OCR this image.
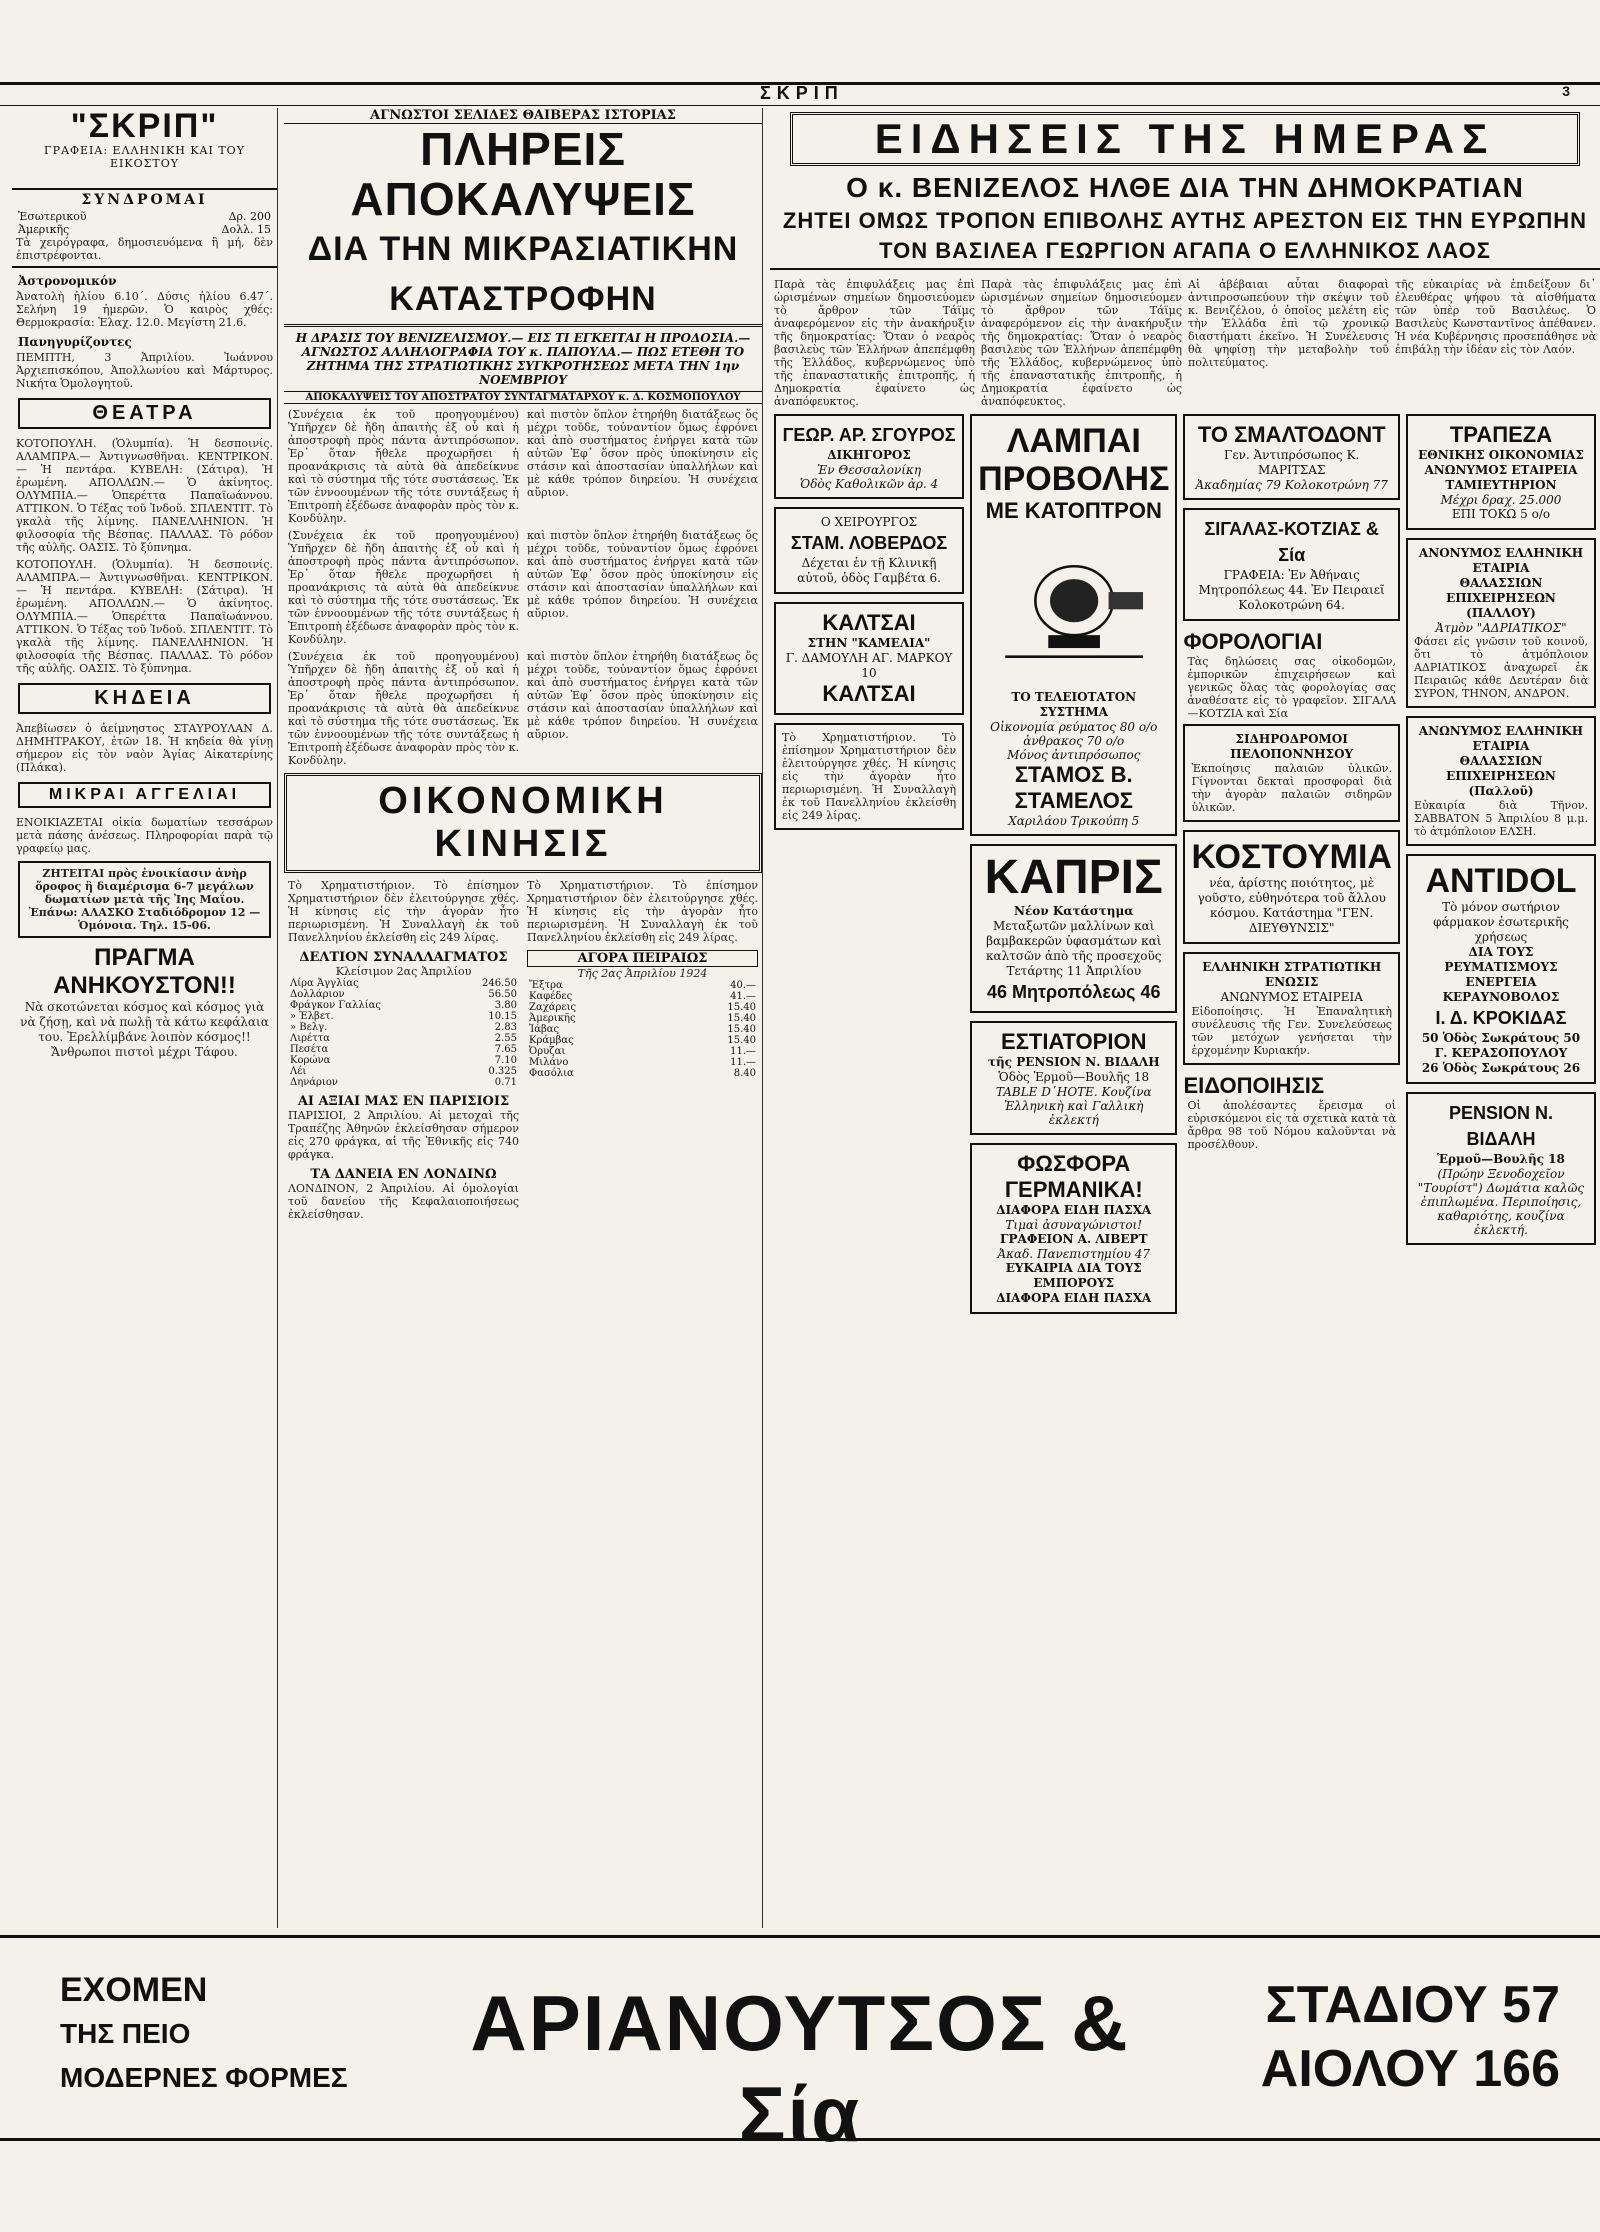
ΣΚΡΙΠ	3
"ΣΚΡΙΠ"
ΓΡΑΦΕΙΑ: ΕΛΛΗΝΙΚΗ ΚΑΙ ΤΟΥ ΕΙΚΟΣΤΟΥ
ΣΥΝΔΡΟΜΑΙ
Ἐσωτερικοῦ	Δρ. 200
Ἀμερικῆς	Δολλ. 15
Τὰ χειρόγραφα, δημοσιευόμενα ἢ μή, δὲν ἐπιστρέφονται.
Ἀστρονομικόν
Ἀνατολὴ ἡλίου 6.10΄. Δύσις ἡλίου 6.47΄. Σελήνη 19 ἡμερῶν. Ὁ καιρὸς χθές: Θερμοκρασία: Ἐλαχ. 12.0. Μεγίστη 21.6.
Πανηγυρίζοντες
ΠΕΜΠΤΗ, 3 Ἀπριλίου. Ἰωάννου Ἀρχιεπισκόπου, Ἀπολλωνίου καὶ Μάρτυρος. Νικήτα Ὁμολογητοῦ.
ΘΕΑΤΡΑ
ΚΟΤΟΠΟΥΛΗ. (Ὁλυμπία). Ἡ δεσποινίς. ΑΛΑΜΠΡΑ.— Ἀντιγνωσθῆναι. ΚΕΝΤΡΙΚΟΝ.— Ἡ πεντάρα. ΚΥΒΕΛΗ: (Σάτιρα). Ἡ ἐρωμένη. ΑΠΟΛΛΩΝ.— Ὁ ἀκίνητος. ΟΛΥΜΠΙΑ.— Ὁπερέττα Παπαϊωάννου. ΑΤΤΙΚΟΝ. Ὁ Τέξας τοῦ Ἰνδοῦ. ΣΠΛΕΝΤΙΤ. Τὸ γκαλὰ τῆς λίμνης. ΠΑΝΕΛΛΗΝΙΟΝ. Ἡ φιλοσοφία τῆς Βέσπας. ΠΑΛΛΑΣ. Τὸ ρόδον τῆς αὐλῆς. ΟΑΣΙΣ. Τὸ ξύπνημα.
ΚΟΤΟΠΟΥΛΗ. (Ὁλυμπία). Ἡ δεσποινίς. ΑΛΑΜΠΡΑ.— Ἀντιγνωσθῆναι. ΚΕΝΤΡΙΚΟΝ.— Ἡ πεντάρα. ΚΥΒΕΛΗ: (Σάτιρα). Ἡ ἐρωμένη. ΑΠΟΛΛΩΝ.— Ὁ ἀκίνητος. ΟΛΥΜΠΙΑ.— Ὁπερέττα Παπαϊωάννου. ΑΤΤΙΚΟΝ. Ὁ Τέξας τοῦ Ἰνδοῦ. ΣΠΛΕΝΤΙΤ. Τὸ γκαλὰ τῆς λίμνης. ΠΑΝΕΛΛΗΝΙΟΝ. Ἡ φιλοσοφία τῆς Βέσπας. ΠΑΛΛΑΣ. Τὸ ρόδον τῆς αὐλῆς. ΟΑΣΙΣ. Τὸ ξύπνημα.
ΚΗΔΕΙΑ
Ἀπεβίωσεν ὁ ἀείμνηστος ΣΤΑΥΡΟΥΛΑΝ Δ. ΔΗΜΗΤΡΑΚΟΥ, ἐτῶν 18. Ἡ κηδεία θὰ γίνῃ σήμερον εἰς τὸν ναὸν Ἁγίας Αἰκατερίνης (Πλάκα).
ΜΙΚΡΑΙ ΑΓΓΕΛΙΑΙ
ΕΝΟΙΚΙΑΖΕΤΑΙ οἰκία δωματίων τεσσάρων μετὰ πάσης ἀνέσεως. Πληροφορίαι παρὰ τῷ γραφείῳ μας.
ΖΗΤΕΙΤΑΙ πρὸς ἐνοικίασιν ἀνὴρ ὅροφος ἢ διαμέρισμα 6-7 μεγάλων δωματίων μετὰ τῆς Ἰης Μαΐου. Ἐπάνω: ΑΛΑΣΚΟ Σταδιόδρομον 12 — Ὁμόνοια. Τηλ. 15-06.
ΠΡΑΓΜΑ ΑΝΗΚΟΥΣΤΟΝ!!
Νὰ σκοτώνεται κόσμος καὶ κόσμος γιὰ νὰ ζήσῃ, καὶ νὰ πωλῇ τὰ κάτω κεφάλαια του. Ἐρελλίμβάνε λοιπὸν κόσμος!! Ἄνθρωποι πιστοὶ μέχρι Τάφου.
ΑΓΝΩΣΤΟΙ ΣΕΛΙΔΕΣ ΘΑΙΒΕΡΑΣ ΙΣΤΟΡΙΑΣ
ΠΛΗΡΕΙΣ ΑΠΟΚΑΛΥΨΕΙΣ
ΔΙΑ ΤΗΝ ΜΙΚΡΑΣΙΑΤΙΚΗΝ ΚΑΤΑΣΤΡΟΦΗΝ
Η ΔΡΑΣΙΣ ΤΟΥ ΒΕΝΙΖΕΛΙΣΜΟΥ.— ΕΙΣ ΤΙ ΕΓΚΕΙΤΑΙ Η ΠΡΟΔΟΣΙΑ.— ΑΓΝΩΣΤΟΣ ΑΛΛΗΛΟΓΡΑΦΙΑ ΤΟΥ κ. ΠΑΠΟΥΛΑ.— ΠΩΣ ΕΤΕΘΗ ΤΟ ΖΗΤΗΜΑ ΤΗΣ ΣΤΡΑΤΙΩΤΙΚΗΣ ΣΥΓΚΡΟΤΗΣΕΩΣ ΜΕΤΑ ΤΗΝ 1ην ΝΟΕΜΒΡΙΟΥ
ΑΠΟΚΑΛΥΨΕΙΣ ΤΟΥ ΑΠΟΣΤΡΑΤΟΥ ΣΥΝΤΑΓΜΑΤΑΡΧΟΥ κ. Δ. ΚΟΣΜΟΠΟΥΛΟΥ
(Συνέχεια ἐκ τοῦ προηγουμένου) Ὑπῆρχεν δὲ ἤδη ἀπαιτὴς ἐξ οὗ καὶ ἡ ἀποστροφὴ πρὸς πάντα ἀντιπρόσωπον. Ἐρ᾽ ὅταν ἤθελε προχωρῆσει ἡ προανάκρισις τὰ αὐτὰ θὰ ἀπεδείκνυε καὶ τὸ σύστημα τῆς τότε συστάσεως. Ἐκ τῶν ἐννοουμένων τῆς τότε συντάξεως ἡ Ἐπιτροπὴ ἐξέδωσε ἀναφορὰν πρὸς τὸν κ. Κονδύλην.
καὶ πιστὸν ὅπλον ἐτηρήθη διατάξεως ὅς μέχρι τοῦδε, τοὐναντίον ὅμως ἐφρόνει καὶ ἀπὸ συστήματος ἐνήργει κατὰ τῶν αὐτῶν Ἐφ᾽ ὅσον πρὸς ὑποκίνησιν εἰς στάσιν καὶ ἀποστασίαν ὑπαλλήλων καὶ μὲ κάθε τρόπον διηρείου. Ἡ συνέχεια αὔριον.
(Συνέχεια ἐκ τοῦ προηγουμένου) Ὑπῆρχεν δὲ ἤδη ἀπαιτὴς ἐξ οὗ καὶ ἡ ἀποστροφὴ πρὸς πάντα ἀντιπρόσωπον. Ἐρ᾽ ὅταν ἤθελε προχωρῆσει ἡ προανάκρισις τὰ αὐτὰ θὰ ἀπεδείκνυε καὶ τὸ σύστημα τῆς τότε συστάσεως. Ἐκ τῶν ἐννοουμένων τῆς τότε συντάξεως ἡ Ἐπιτροπὴ ἐξέδωσε ἀναφορὰν πρὸς τὸν κ. Κονδύλην.
καὶ πιστὸν ὅπλον ἐτηρήθη διατάξεως ὅς μέχρι τοῦδε, τοὐναντίον ὅμως ἐφρόνει καὶ ἀπὸ συστήματος ἐνήργει κατὰ τῶν αὐτῶν Ἐφ᾽ ὅσον πρὸς ὑποκίνησιν εἰς στάσιν καὶ ἀποστασίαν ὑπαλλήλων καὶ μὲ κάθε τρόπον διηρείου. Ἡ συνέχεια αὔριον.
(Συνέχεια ἐκ τοῦ προηγουμένου) Ὑπῆρχεν δὲ ἤδη ἀπαιτὴς ἐξ οὗ καὶ ἡ ἀποστροφὴ πρὸς πάντα ἀντιπρόσωπον. Ἐρ᾽ ὅταν ἤθελε προχωρῆσει ἡ προανάκρισις τὰ αὐτὰ θὰ ἀπεδείκνυε καὶ τὸ σύστημα τῆς τότε συστάσεως. Ἐκ τῶν ἐννοουμένων τῆς τότε συντάξεως ἡ Ἐπιτροπὴ ἐξέδωσε ἀναφορὰν πρὸς τὸν κ. Κονδύλην.
καὶ πιστὸν ὅπλον ἐτηρήθη διατάξεως ὅς μέχρι τοῦδε, τοὐναντίον ὅμως ἐφρόνει καὶ ἀπὸ συστήματος ἐνήργει κατὰ τῶν αὐτῶν Ἐφ᾽ ὅσον πρὸς ὑποκίνησιν εἰς στάσιν καὶ ἀποστασίαν ὑπαλλήλων καὶ μὲ κάθε τρόπον διηρείου. Ἡ συνέχεια αὔριον.
ΟΙΚΟΝΟΜΙΚΗ ΚΙΝΗΣΙΣ
Τὸ Χρηματιστήριον. Τὸ ἐπίσημον Χρηματιστήριον δὲν ἐλειτούργησε χθές. Ἡ κίνησις εἰς τὴν ἀγορὰν ἦτο περιωρισμένη. Ἡ Συναλλαγὴ ἐκ τοῦ Πανελληνίου ἐκλείσθη εἰς 249 λίρας.
ΔΕΛΤΙΟΝ ΣΥΝΑΛΛΑΓΜΑΤΟΣ
Κλείσιμον 2ας Ἀπριλίου
Λίρα Ἀγγλίας	246.50
Δολλάριον	56.50
Φράγκον Γαλλίας	3.80
» Ἑλβετ.	10.15
» Βελγ.	2.83
Λιρέττα	2.55
Πεσέτα	7.65
Κορώνα	7.10
Λέι	0.325
Δηνάριον	0.71
ΑΙ ΑΞΙΑΙ ΜΑΣ ΕΝ ΠΑΡΙΣΙΟΙΣ
ΠΑΡΙΣΙΟΙ, 2 Ἀπριλίου. Αἱ μετοχαὶ τῆς Τραπέζης Ἀθηνῶν ἐκλείσθησαν σήμερον εἰς 270 φράγκα, αἱ τῆς Ἐθνικῆς εἰς 740 φράγκα.
ΤΑ ΔΑΝΕΙΑ ΕΝ ΛΟΝΔΙΝΩ
ΛΟΝΔΙΝΟΝ, 2 Ἀπριλίου. Αἱ ὁμολογίαι τοῦ δανείου τῆς Κεφαλαιοποιήσεως ἐκλείσθησαν.
Τὸ Χρηματιστήριον. Τὸ ἐπίσημον Χρηματιστήριον δὲν ἐλειτούργησε χθές. Ἡ κίνησις εἰς τὴν ἀγορὰν ἦτο περιωρισμένη. Ἡ Συναλλαγὴ ἐκ τοῦ Πανελληνίου ἐκλείσθη εἰς 249 λίρας.
ΑΓΟΡΑ ΠΕΙΡΑΙΩΣ
Τῆς 2ας Ἀπριλίου 1924
Ἔξτρα	40.—
Καφέδες	41.—
Ζαχάρεις	15.40
Ἀμερικῆς	15.40
Ἰάβας	15.40
Κράμβας	15.40
Ὀρυζαι	11.—
Μιλάνο	11.—
Φασόλια	8.40
ΕΙΔΗΣΕΙΣ ΤΗΣ ΗΜΕΡΑΣ
Ο κ. ΒΕΝΙΖΕΛΟΣ ΗΛΘΕ ΔΙΑ ΤΗΝ ΔΗΜΟΚΡΑΤΙΑΝ
ΖΗΤΕΙ ΟΜΩΣ ΤΡΟΠΟΝ ΕΠΙΒΟΛΗΣ ΑΥΤΗΣ ΑΡΕΣΤΟΝ ΕΙΣ ΤΗΝ ΕΥΡΩΠΗΝ
ΤΟΝ ΒΑΣΙΛΕΑ ΓΕΩΡΓΙΟΝ ΑΓΑΠΑ Ο ΕΛΛΗΝΙΚΟΣ ΛΑΟΣ
Παρὰ τὰς ἐπιφυλάξεις μας ἐπὶ ὡρισμένων σημείων δημοσιεύομεν τὸ ἄρθρον τῶν Τάϊμς ἀναφερόμενον εἰς τὴν ἀνακήρυξιν τῆς δημοκρατίας: Ὅταν ὁ νεαρὸς βασιλεὺς τῶν Ἑλλήνων ἀπεπέμφθη τῆς Ἑλλάδος, κυβερνώμενος ὑπὸ τῆς ἐπαναστατικῆς ἐπιτροπῆς, ἡ Δημοκρατία ἐφαίνετο ὡς ἀναπόφευκτος.
Παρὰ τὰς ἐπιφυλάξεις μας ἐπὶ ὡρισμένων σημείων δημοσιεύομεν τὸ ἄρθρον τῶν Τάϊμς ἀναφερόμενον εἰς τὴν ἀνακήρυξιν τῆς δημοκρατίας: Ὅταν ὁ νεαρὸς βασιλεὺς τῶν Ἑλλήνων ἀπεπέμφθη τῆς Ἑλλάδος, κυβερνώμενος ὑπὸ τῆς ἐπαναστατικῆς ἐπιτροπῆς, ἡ Δημοκρατία ἐφαίνετο ὡς ἀναπόφευκτος.
Αἱ ἀβέβαιαι αὗται διαφοραὶ ἀντιπροσωπεύουν τὴν σκέψιν τοῦ κ. Βενιζέλου, ὁ ὁποῖος μελέτη εἰς τὴν Ἑλλάδα ἐπὶ τῷ χρονικῷ διαστήματι ἐκεῖνο. Ἡ Συνέλευσις θὰ ψηφίσῃ τὴν μεταβολὴν τοῦ πολιτεύματος.
τῆς εὐκαιρίας νὰ ἐπιδείξουν δι᾽ ἐλευθέρας ψήφου τὰ αἰσθήματα τῶν ὑπὲρ τοῦ Βασιλέως. Ὁ Βασιλεὺς Κωνσταντῖνος ἀπέθανεν. Ἡ νέα Κυβέρνησις προσεπάθησε νὰ ἐπιβάλῃ τὴν ἰδέαν εἰς τὸν Λαόν.
ΓΕΩΡ. ΑΡ. ΣΓΟΥΡΟΣ
ΔΙΚΗΓΟΡΟΣ
Ἐν Θεσσαλονίκη
Ὁδὸς Καθολικῶν ἀρ. 4
Ο ΧΕΙΡΟΥΡΓΟΣ
ΣΤΑΜ. ΛΟΒΕΡΔΟΣ
Δέχεται ἐν τῇ Κλινικῇ αὐτοῦ, ὁδὸς Γαμβέτα 6.
ΚΑΛΤΣΑΙ
ΣΤΗΝ "ΚΑΜΕΛΙΑ"
Γ. ΔΑΜΟΥΛΗ ΑΓ. ΜΑΡΚΟΥ 10
ΚΑΛΤΣΑΙ
Τὸ Χρηματιστήριον. Τὸ ἐπίσημον Χρηματιστήριον δὲν ἐλειτούργησε χθές. Ἡ κίνησις εἰς τὴν ἀγορὰν ἦτο περιωρισμένη. Ἡ Συναλλαγὴ ἐκ τοῦ Πανελληνίου ἐκλείσθη εἰς 249 λίρας.
ΛΑΜΠΑΙ ΠΡΟΒΟΛΗΣ
ΜΕ ΚΑΤΟΠΤΡΟΝ
ΤΟ ΤΕΛΕΙΟΤΑΤΟΝ ΣΥΣΤΗΜΑ
Οἰκονομία ρεύματος 80 ο/ο
ἀνθρακος 70 ο/ο
Μόνος ἀντιπρόσωπος
ΣΤΑΜΟΣ Β. ΣΤΑΜΕΛΟΣ
Χαριλάου Τρικούπη 5
ΚΑΠΡΙΣ
Νέον Κατάστημα
Μεταξωτῶν μαλλίνων καὶ βαμβακερῶν ὑφασμάτων καὶ καλτσῶν ἀπὸ τῆς προσεχοῦς Τετάρτης 11 Ἀπριλίου
46 Μητροπόλεως 46
ΕΣΤΙΑΤΟΡΙΟΝ
τῆς PENSION Ν. ΒΙΔΑΛΗ
Ὁδὸς Ἑρμοῦ—Βουλῆς 18
TABLE D᾽HOTE. Κουζίνα Ἑλληνικὴ καὶ Γαλλικὴ ἐκλεκτή
ΦΩΣΦΟΡΑ ΓΕΡΜΑΝΙΚΑ!
ΔΙΑΦΟΡΑ ΕΙΔΗ ΠΑΣΧΑ
Τιμαὶ ἀσυναγώνιστοι!
ΓΡΑΦΕΙΟΝ Α. ΛΙΒΕΡΤ
Ἀκαδ. Πανεπιστημίου 47
ΕΥΚΑΙΡΙΑ ΔΙΑ ΤΟΥΣ ΕΜΠΟΡΟΥΣ
ΔΙΑΦΟΡΑ ΕΙΔΗ ΠΑΣΧΑ
ΤΟ ΣΜΑΛΤΟΔΟΝΤ
Γεν. Ἀντιπρόσωπος Κ. ΜΑΡΙΤΣΑΣ
Ἀκαδημίας 79 Κολοκοτρώνη 77
ΣΙΓΑΛΑΣ-ΚΟΤΖΙΑΣ & Σία
ΓΡΑΦΕΙΑ: Ἐν Ἀθήναις Μητροπόλεως 44. Ἐν Πειραιεῖ Κολοκοτρώνη 64.
ΦΟΡΟΛΟΓΙΑΙ
Τὰς δηλώσεις σας οἰκοδομῶν, ἐμπορικῶν ἐπιχειρήσεων καὶ γενικῶς ὅλας τὰς φορολογίας σας ἀναθέσατε εἰς τὸ γραφεῖον. ΣΙΓΑΛΑ—ΚΟΤΖΙΑ καὶ Σία
ΣΙΔΗΡΟΔΡΟΜΟΙ ΠΕΛΟΠΟΝΝΗΣΟΥ
Ἐκποίησις παλαιῶν ὑλικῶν. Γίγνονται δεκταὶ προσφοραὶ διὰ τὴν ἀγορὰν παλαιῶν σιδηρῶν ὑλικῶν.
ΚΟΣΤΟΥΜΙΑ
νέα, ἀρίστης ποιότητος, μὲ γοῦστο, εὐθηνότερα τοῦ ἄλλου κόσμου. Κατάστημα "ΓΕΝ. ΔΙΕΥΘΥΝΣΙΣ"
ΕΛΛΗΝΙΚΗ ΣΤΡΑΤΙΩΤΙΚΗ ΕΝΩΣΙΣ
ΑΝΩΝΥΜΟΣ ΕΤΑΙΡΕΙΑ
Εἰδοποίησις. Ἡ Ἐπαναλητικὴ συνέλευσις τῆς Γεν. Συνελεύσεως τῶν μετόχων γενήσεται τὴν ἐρχομένην Κυριακήν.
ΕΙΔΟΠΟΙΗΣΙΣ
Οἱ ἀπολέσαντες ἔρεισμα οἱ εὑρισκόμενοι εἰς τὰ σχετικὰ κατὰ τὰ ἄρθρα 98 τοῦ Νόμου καλοῦνται νὰ προσέλθουν.
ΤΡΑΠΕΖΑ
ΕΘΝΙΚΗΣ ΟΙΚΟΝΟΜΙΑΣ
ΑΝΩΝΥΜΟΣ ΕΤΑΙΡΕΙΑ
ΤΑΜΙΕΥΤΗΡΙΟΝ
Μέχρι δραχ. 25.000
ΕΠΙ ΤΟΚΩ 5 ο/ο
ΑΝΟΝΥΜΟΣ ΕΛΛΗΝΙΚΗ ΕΤΑΙΡΙΑ
ΘΑΛΑΣΣΙΩΝ ΕΠΙΧΕΙΡΗΣΕΩΝ (ΠΑΛΛΟΥ)
Ἀτμὸν "ΑΔΡΙΑΤΙΚΟΣ"
Φάσει εἰς γνῶσιν τοῦ κοινοῦ, ὅτι τὸ ἀτμόπλοιον ΑΔΡΙΑΤΙΚΟΣ ἀναχωρεῖ ἐκ Πειραιῶς κάθε Δευτέραν διὰ ΣΥΡΟΝ, ΤΗΝΟΝ, ΑΝΔΡΟΝ.
ΑΝΩΝΥΜΟΣ ΕΛΛΗΝΙΚΗ ΕΤΑΙΡΙΑ
ΘΑΛΑΣΣΙΩΝ ΕΠΙΧΕΙΡΗΣΕΩΝ (Παλλοῦ)
Εὐκαιρία διὰ Τῆνον. ΣΑΒΒΑΤΟΝ 5 Ἀπριλίου 8 μ.μ. τὸ ἀτμόπλοιον ΕΛΣΗ.
ANTIDOL
Τὸ μόνον σωτήριον φάρμακον ἐσωτερικῆς χρήσεως
ΔΙΑ ΤΟΥΣ ΡΕΥΜΑΤΙΣΜΟΥΣ
ΕΝΕΡΓΕΙΑ ΚΕΡΑΥΝΟΒΟΛΟΣ
Ι. Δ. ΚΡΟΚΙΔΑΣ
50 Ὁδὸς Σωκράτους 50
Γ. ΚΕΡΑΣΟΠΟΥΛΟΥ
26 Ὁδὸς Σωκράτους 26
PENSION Ν. ΒΙΔΑΛΗ
Ἑρμοῦ—Βουλῆς 18
(Πρώην Ξενοδοχεῖον "Τουρίστ") Δωμάτια καλῶς ἐπιπλωμένα. Περιποίησις, καθαριότης, κουζίνα ἐκλεκτή.
ΕΧΟΜΕΝ
ΤΗΣ ΠΕΙΟ
ΜΟΔΕΡΝΕΣ ΦΟΡΜΕΣ
ΑΡΙΑΝΟΥΤΣΟΣ & Σία
ΣΤΑΔΙΟΥ 57
ΑΙΟΛΟΥ 166
